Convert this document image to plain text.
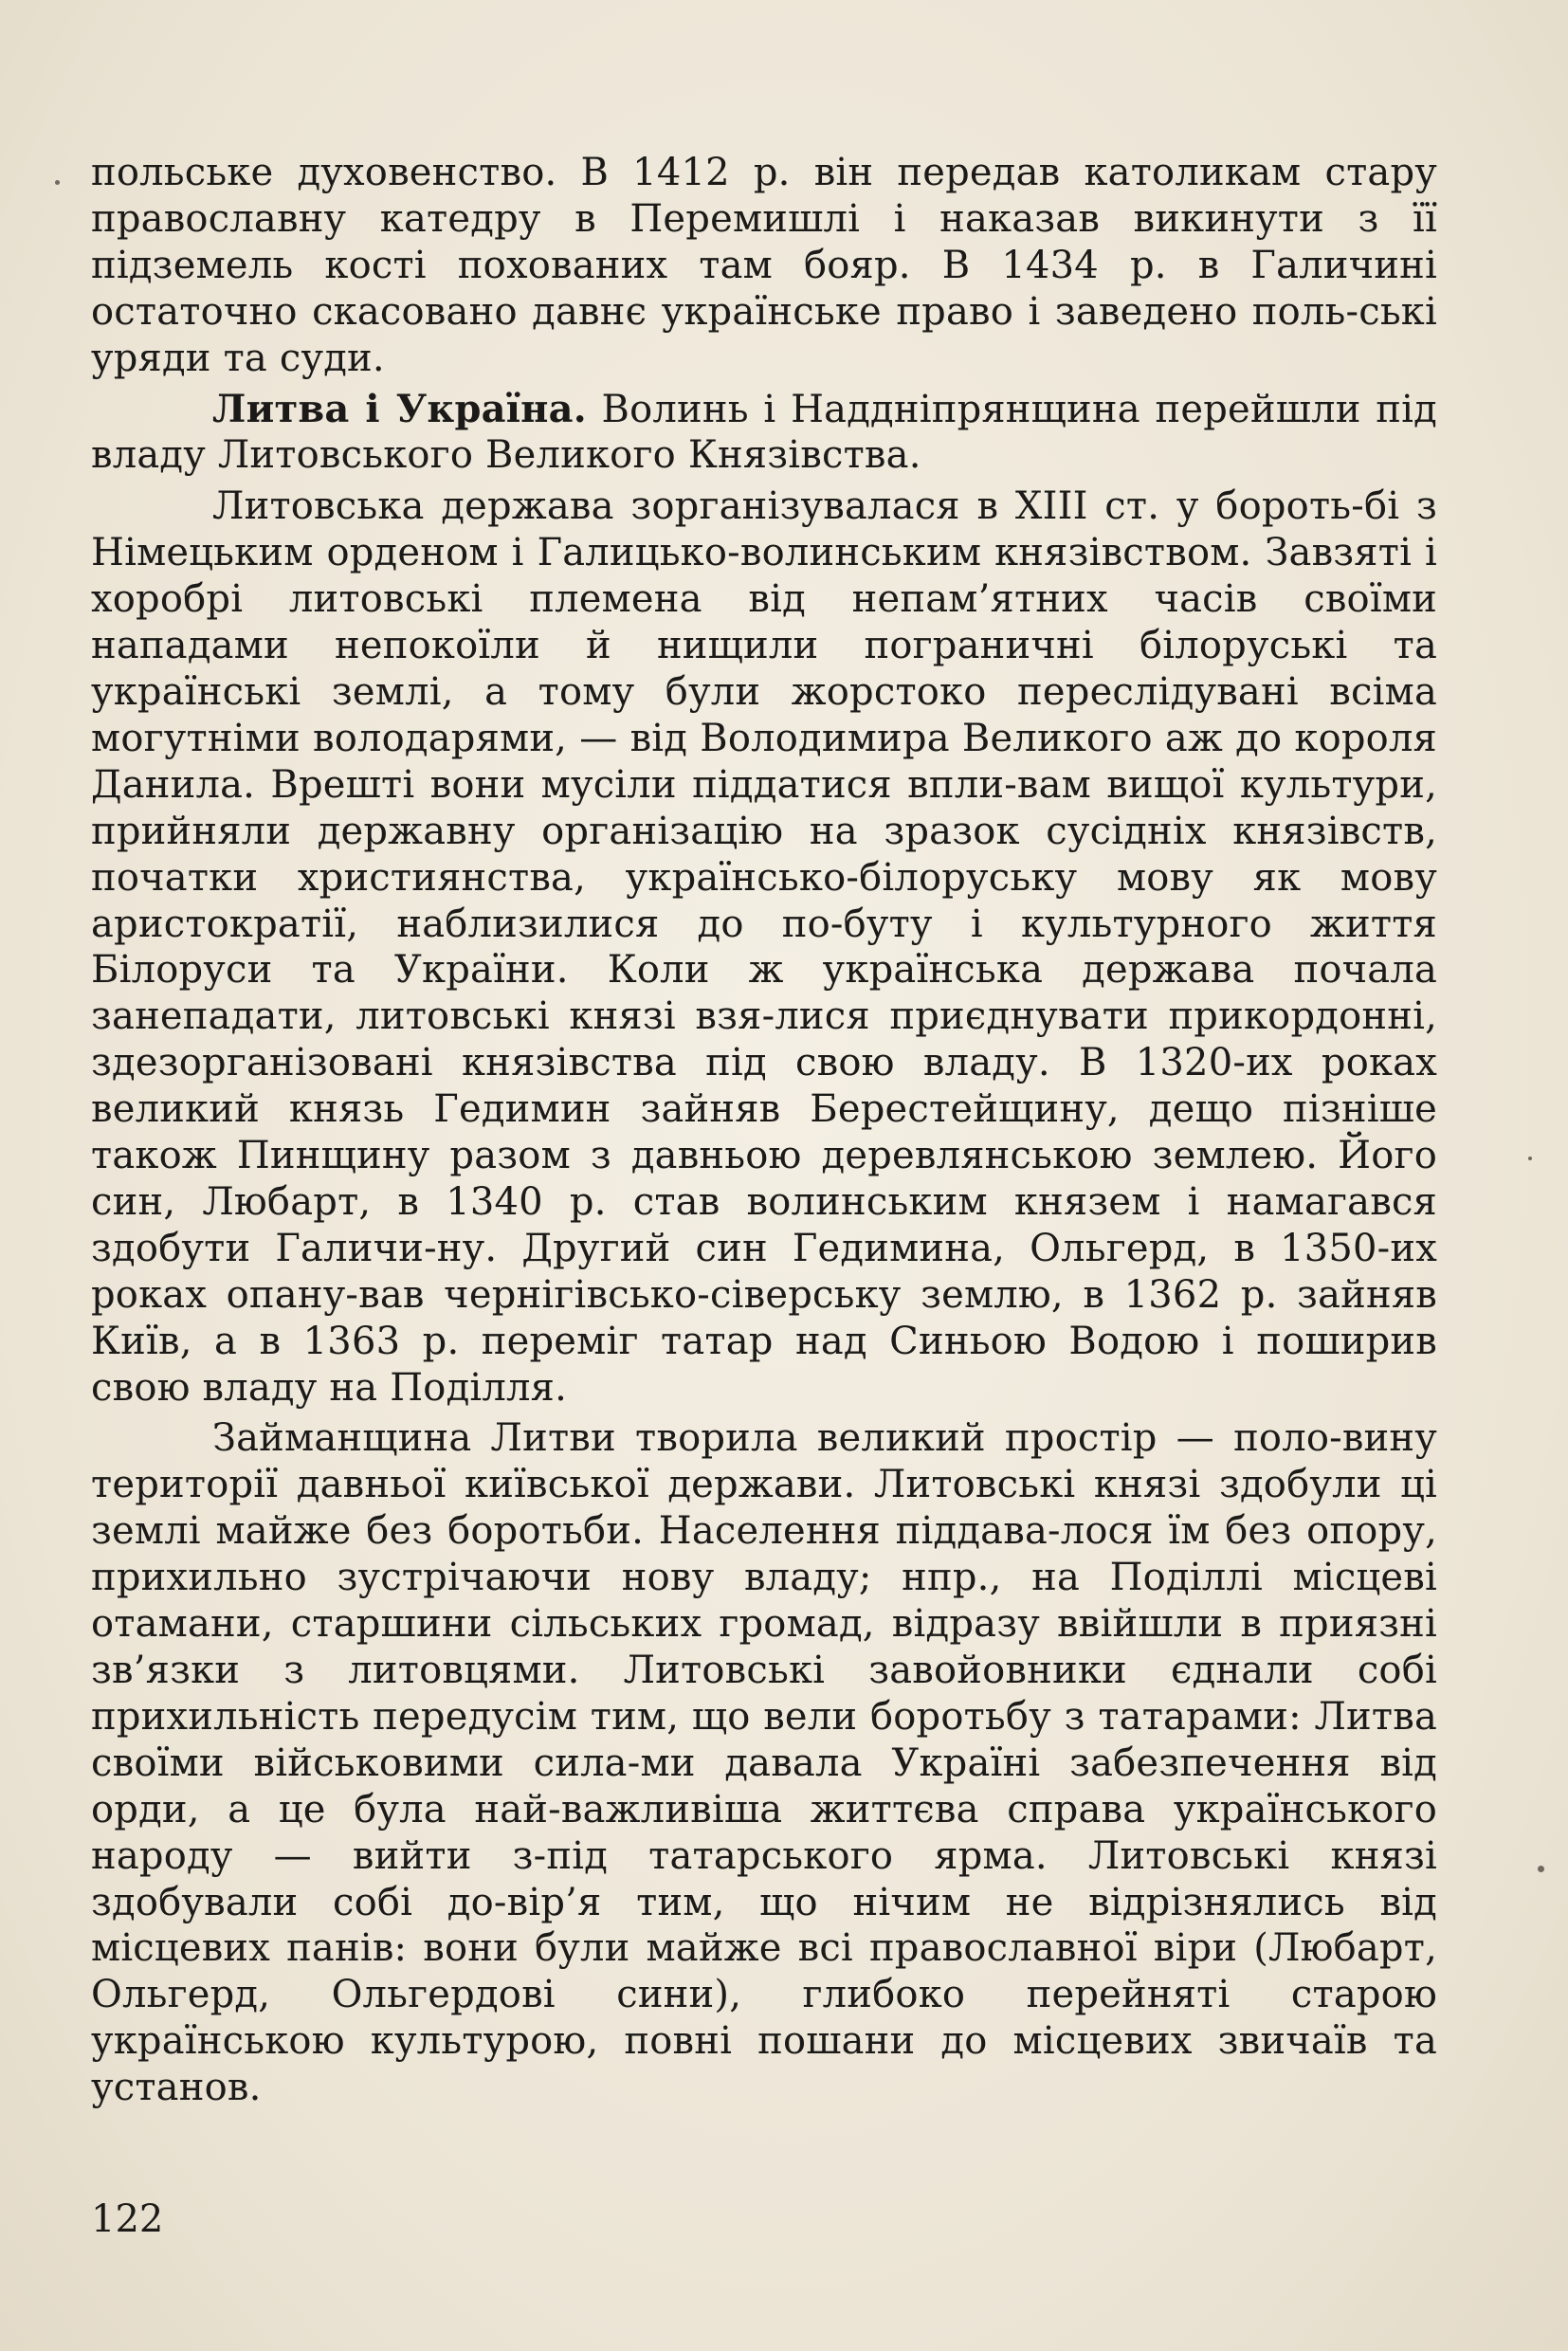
польське духовенство. В 1412 р. він передав католикам стару православну катедру в Перемишлі і наказав викинути з її підземель кості похованих там бояр. В 1434 р. в Галичині остаточно скасовано давнє українське право і заведено поль‑ські уряди та суди.

Литва і Україна. Волинь і Наддніпрянщина перейшли під владу Литовського Великого Князівства.

Литовська держава зорганізувалася в XIII ст. у бороть‑бі з Німецьким орденом і Галицько‑волинським князівством. Завзяті і хоробрі литовські племена від непам’ятних часів своїми нападами непокоїли й нищили пограничні білоруські та українські землі, а тому були жорстоко переслідувані всіма могутніми володарями, — від Володимира Великого аж до короля Данила. Врешті вони мусіли піддатися впли‑вам вищої культури, прийняли державну організацію на зразок сусідніх князівств, початки християнства, українсько‑білоруську мову як мову аристократії, наблизилися до по‑буту і культурного життя Білоруси та України. Коли ж українська держава почала занепадати, литовські князі взя‑лися приєднувати прикордонні, здезорганізовані князівства під свою владу. В 1320‑их роках великий князь Гедимин зайняв Берестейщину, дещо пізніше також Пинщину разом з давньою деревлянською землею. Його син, Любарт, в 1340 р. став волинським князем і намагався здобути Галичи‑ну. Другий син Гедимина, Ольгерд, в 1350‑их роках опану‑вав чернігівсько‑сіверську землю, в 1362 р. зайняв Київ, а в 1363 р. переміг татар над Синьою Водою і поширив свою владу на Поділля.

Займанщина Литви творила великий простір — поло‑вину території давньої київської держави. Литовські князі здобули ці землі майже без боротьби. Населення піддава‑лося їм без опору, прихильно зустрічаючи нову владу; нпр., на Поділлі місцеві отамани, старшини сільських громад, відразу ввійшли в приязні зв’язки з литовцями. Литовські завойовники єднали собі прихильність передусім тим, що вели боротьбу з татарами: Литва своїми військовими сила‑ми давала Україні забезпечення від орди, а це була най‑важливіша життєва справа українського народу — вийти з‑під татарського ярма. Литовські князі здобували собі до‑вір’я тим, що нічим не відрізнялись від місцевих панів: вони були майже всі православної віри (Любарт, Ольгерд, Ольгердові сини), глибоко перейняті старою українською культурою, повні пошани до місцевих звичаїв та установ.

122
